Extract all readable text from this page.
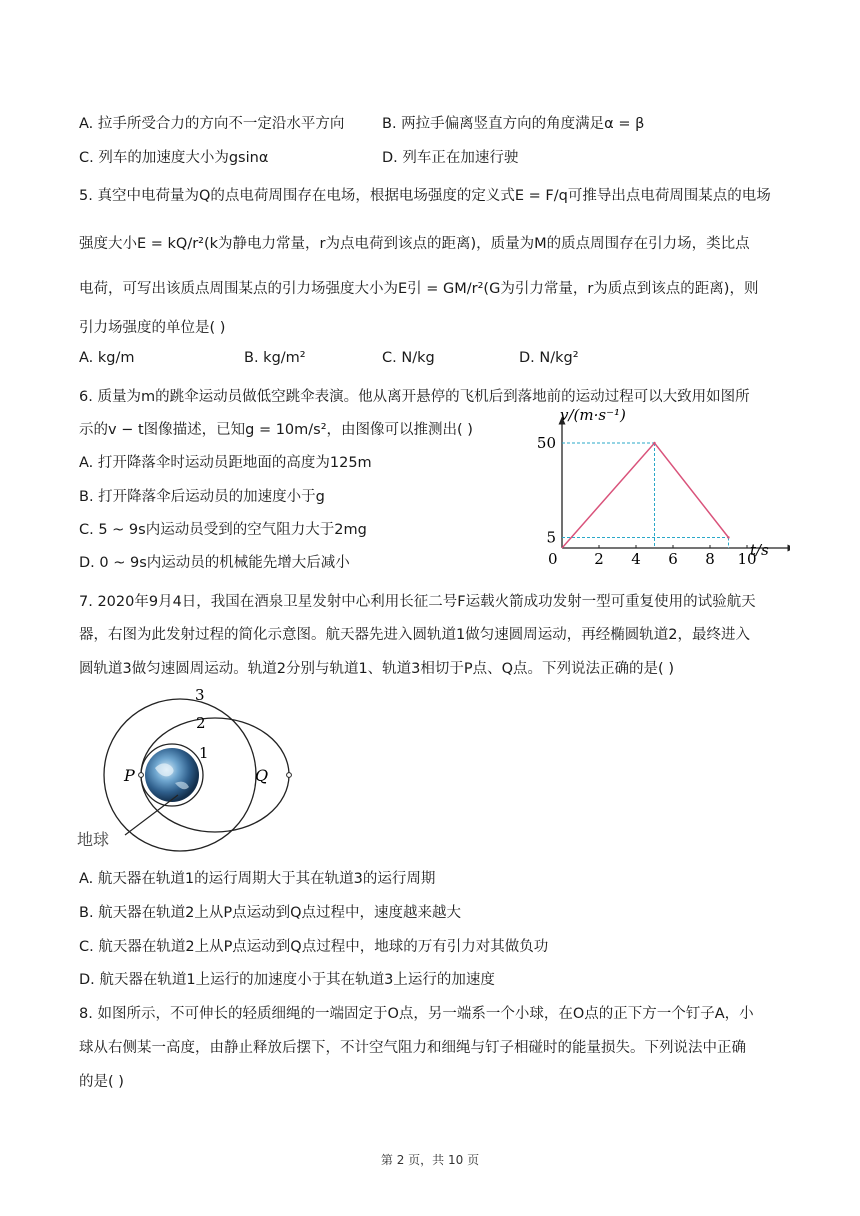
A. 拉手所受合力的方向不一定沿水平方向	B. 两拉手偏离竖直方向的角度满足α = β
C. 列车的加速度大小为gsinα	D. 列车正在加速行驶
5. 真空中电荷量为Q的点电荷周围存在电场，根据电场强度的定义式E = F/q可推导出点电荷周围某点的电场
强度大小E = kQ/r²(k为静电力常量，r为点电荷到该点的距离)，质量为M的质点周围存在引力场，类比点
电荷，可写出该质点周围某点的引力场强度大小为E引 = GM/r²(G为引力常量，r为质点到该点的距离)，则
引力场强度的单位是( )
A. kg/m	B. kg/m²	C. N/kg	D. N/kg²
6. 质量为m的跳伞运动员做低空跳伞表演。他从离开悬停的飞机后到落地前的运动过程可以大致用如图所
示的v − t图像描述，已知g = 10m/s²，由图像可以推测出( )
A. 打开降落伞时运动员距地面的高度为125m
B. 打开降落伞后运动员的加速度小于g
C. 5 ~ 9s内运动员受到的空气阻力大于2mg
D. 0 ~ 9s内运动员的机械能先增大后减小	0 2 4 6 8 10
5
50
v/(m·s⁻¹)
t/s
7. 2020年9月4日，我国在酒泉卫星发射中心利用长征二号F运载火箭成功发射一型可重复使用的试验航天
器，右图为此发射过程的简化示意图。航天器先进入圆轨道1做匀速圆周运动，再经椭圆轨道2，最终进入
圆轨道3做匀速圆周运动。轨道2分别与轨道1、轨道3相切于P点、Q点。下列说法正确的是( )
3
2
1
P	Q
地球
A. 航天器在轨道1的运行周期大于其在轨道3的运行周期
B. 航天器在轨道2上从P点运动到Q点过程中，速度越来越大
C. 航天器在轨道2上从P点运动到Q点过程中，地球的万有引力对其做负功
D. 航天器在轨道1上运行的加速度小于其在轨道3上运行的加速度
8. 如图所示，不可伸长的轻质细绳的一端固定于O点，另一端系一个小球，在O点的正下方一个钉子A，小
球从右侧某一高度，由静止释放后摆下，不计空气阻力和细绳与钉子相碰时的能量损失。下列说法中正确
的是( )
第 2 页，共 10 页
